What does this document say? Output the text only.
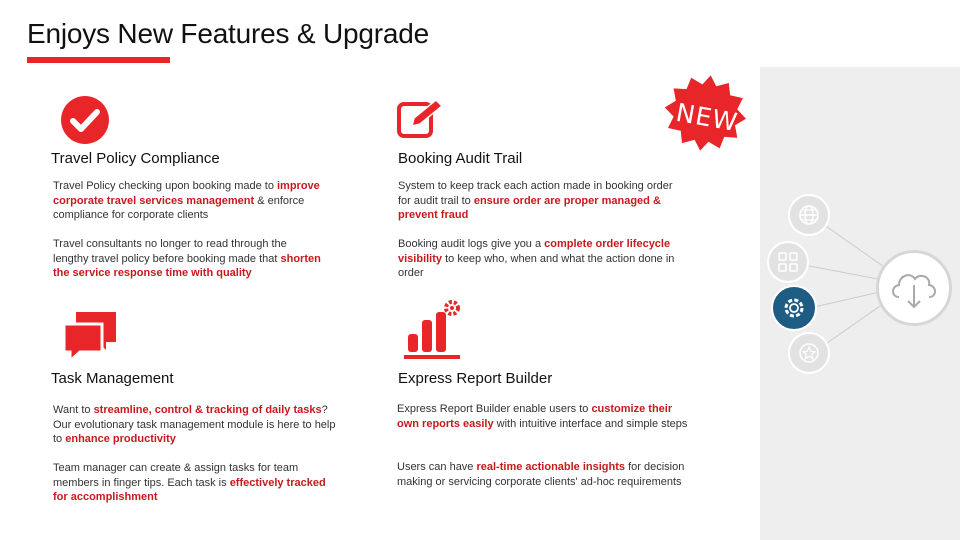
Enjoys New Features & Upgrade
NEW
Travel Policy Compliance	Booking Audit Trail
Task Management	Express Report Builder
Travel Policy checking upon booking made to improve corporate travel services management & enforce compliance for corporate clients
Travel consultants no longer to read through the lengthy travel policy before booking made that shorten the service response time with quality
System to keep track each action made in booking order for audit trail to ensure order are proper managed & prevent fraud
Booking audit logs give you a complete order lifecycle visibility to keep who, when and what the action done in order
Want to streamline, control & tracking of daily tasks? Our evolutionary task management module is here to help to enhance productivity
Team manager can create & assign tasks for team members in finger tips. Each task is effectively tracked for accomplishment
Express Report Builder enable users to customize their own reports easily with intuitive interface and simple steps
Users can have real-time actionable insights for decision making or servicing corporate clients' ad-hoc requirements
